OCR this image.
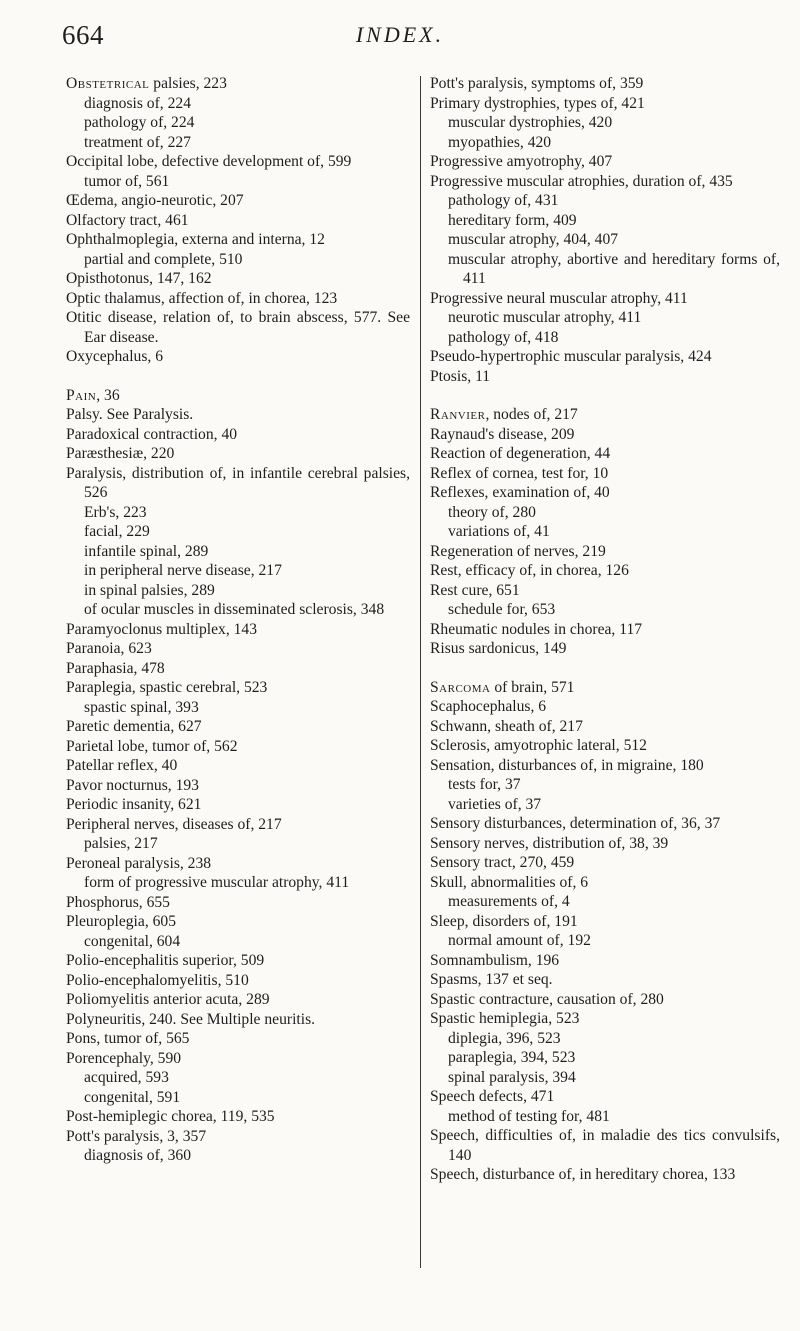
664	INDEX.
Obstetrical palsies, 223
diagnosis of, 224
pathology of, 224
treatment of, 227
Occipital lobe, defective development of, 599
tumor of, 561
Œdema, angio-neurotic, 207
Olfactory tract, 461
Ophthalmoplegia, externa and interna, 12
partial and complete, 510
Opisthotonus, 147, 162
Optic thalamus, affection of, in chorea, 123
Otitic disease, relation of, to brain abscess, 577. See Ear disease.
Oxycephalus, 6
Pain, 36
Palsy. See Paralysis.
Paradoxical contraction, 40
Paræsthesiæ, 220
Paralysis, distribution of, in infantile cerebral palsies, 526
Erb's, 223
facial, 229
infantile spinal, 289
in peripheral nerve disease, 217
in spinal palsies, 289
of ocular muscles in disseminated sclerosis, 348
Paramyoclonus multiplex, 143
Paranoia, 623
Paraphasia, 478
Paraplegia, spastic cerebral, 523
spastic spinal, 393
Paretic dementia, 627
Parietal lobe, tumor of, 562
Patellar reflex, 40
Pavor nocturnus, 193
Periodic insanity, 621
Peripheral nerves, diseases of, 217
palsies, 217
Peroneal paralysis, 238
form of progressive muscular atrophy, 411
Phosphorus, 655
Pleuroplegia, 605
congenital, 604
Polio-encephalitis superior, 509
Polio-encephalomyelitis, 510
Poliomyelitis anterior acuta, 289
Polyneuritis, 240. See Multiple neuritis.
Pons, tumor of, 565
Porencephaly, 590
acquired, 593
congenital, 591
Post-hemiplegic chorea, 119, 535
Pott's paralysis, 3, 357
diagnosis of, 360
Pott's paralysis, symptoms of, 359
Primary dystrophies, types of, 421
muscular dystrophies, 420
myopathies, 420
Progressive amyotrophy, 407
Progressive muscular atrophies, duration of, 435
pathology of, 431
hereditary form, 409
muscular atrophy, 404, 407
muscular atrophy, abortive and hereditary forms of, 411
Progressive neural muscular atrophy, 411
neurotic muscular atrophy, 411
pathology of, 418
Pseudo-hypertrophic muscular paralysis, 424
Ptosis, 11
Ranvier, nodes of, 217
Raynaud's disease, 209
Reaction of degeneration, 44
Reflex of cornea, test for, 10
Reflexes, examination of, 40
theory of, 280
variations of, 41
Regeneration of nerves, 219
Rest, efficacy of, in chorea, 126
Rest cure, 651
schedule for, 653
Rheumatic nodules in chorea, 117
Risus sardonicus, 149
Sarcoma of brain, 571
Scaphocephalus, 6
Schwann, sheath of, 217
Sclerosis, amyotrophic lateral, 512
Sensation, disturbances of, in migraine, 180
tests for, 37
varieties of, 37
Sensory disturbances, determination of, 36, 37
Sensory nerves, distribution of, 38, 39
Sensory tract, 270, 459
Skull, abnormalities of, 6
measurements of, 4
Sleep, disorders of, 191
normal amount of, 192
Somnambulism, 196
Spasms, 137 et seq.
Spastic contracture, causation of, 280
Spastic hemiplegia, 523
diplegia, 396, 523
paraplegia, 394, 523
spinal paralysis, 394
Speech defects, 471
method of testing for, 481
Speech, difficulties of, in maladie des tics convulsifs, 140
Speech, disturbance of, in hereditary chorea, 133
